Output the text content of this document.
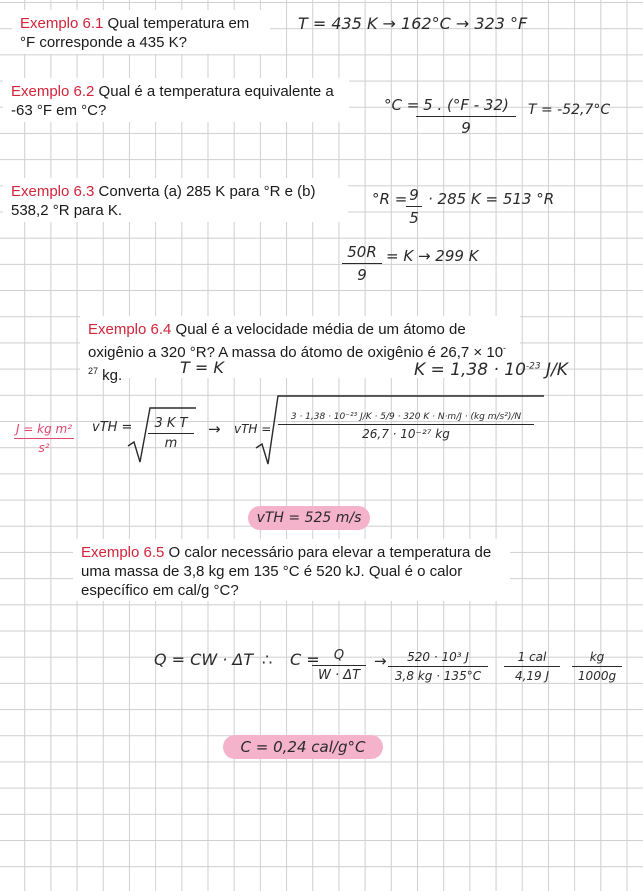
Exemplo 6.1 Qual temperatura em °F corresponde a 435 K?
T = 435 K → 162°C → 323 °F
Exemplo 6.2 Qual é a temperatura equivalente a -63 °F em °C?	°C = 5 . (°F - 32)
9
T = -52,7°C
Exemplo 6.3 Converta (a) 285 K para °R e (b) 538,2 °R para K.
°R = 9
5
· 285 K = 513 °R
50R
9
= K → 299 K
Exemplo 6.4 Qual é a velocidade média de um átomo de oxigênio a 320 °R? A massa do átomo de oxigênio é $26,7 \times 10^{-27}$ kg.	T = K	$K = 1,38 \cdot 10^{-23}$ J/K
J = kg m²
s²
vTH =	3 K T
m
→ vTH =
3 · 1,38 · 10⁻²³ J/K · 5/9 · 320 K · N·m/J · (kg m/s²)/N
26,7 · 10⁻²⁷ kg
vTH = 525 m/s
Exemplo 6.5 O calor necessário para elevar a temperatura de uma massa de 3,8 kg em 135 °C é 520 kJ. Qual é o calor específico em cal/g °C?
Q = CW · ΔT ∴ C =	Q
W · ΔT
→	520 · 10³ J
3,8 kg · 135°C
1 cal
4,19 J
kg
1000g
C = 0,24 cal/g°C
